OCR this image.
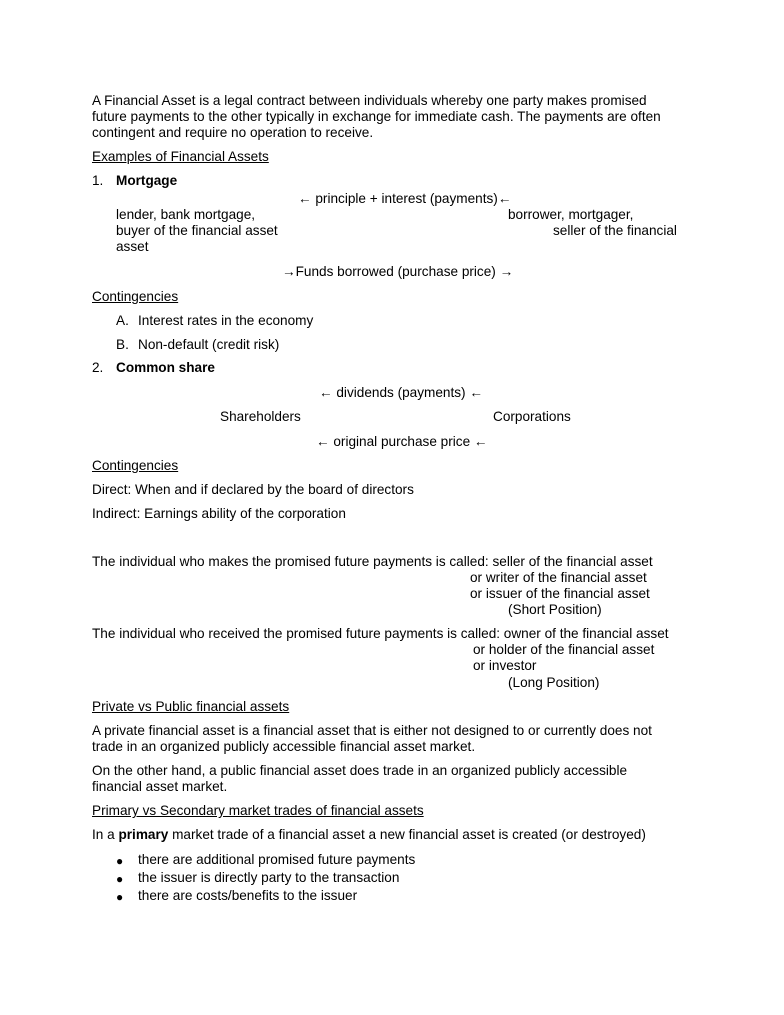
A Financial Asset is a legal contract between individuals whereby one party makes promised
future payments to the other typically in exchange for immediate cash. The payments are often
contingent and require no operation to receive.
Examples of Financial Assets
1. Mortgage
← principle + interest (payments)←
lender, bank mortgage,	borrower, mortgager,
buyer of the financial asset	seller of the financial
asset
→Funds borrowed (purchase price) →
Contingencies
A. Interest rates in the economy
B. Non-default (credit risk)
2. Common share
← dividends (payments) ←
Shareholders	Corporations
← original purchase price ←
Contingencies
Direct: When and if declared by the board of directors
Indirect: Earnings ability of the corporation
The individual who makes the promised future payments is called: seller of the financial asset
or writer of the financial asset
or issuer of the financial asset
(Short Position)
The individual who received the promised future payments is called: owner of the financial asset
or holder of the financial asset
or investor
(Long Position)
Private vs Public financial assets
A private financial asset is a financial asset that is either not designed to or currently does not
trade in an organized publicly accessible financial asset market.
On the other hand, a public financial asset does trade in an organized publicly accessible
financial asset market.
Primary vs Secondary market trades of financial assets
In a primary market trade of a financial asset a new financial asset is created (or destroyed)
● there are additional promised future payments
● the issuer is directly party to the transaction
● there are costs/benefits to the issuer
